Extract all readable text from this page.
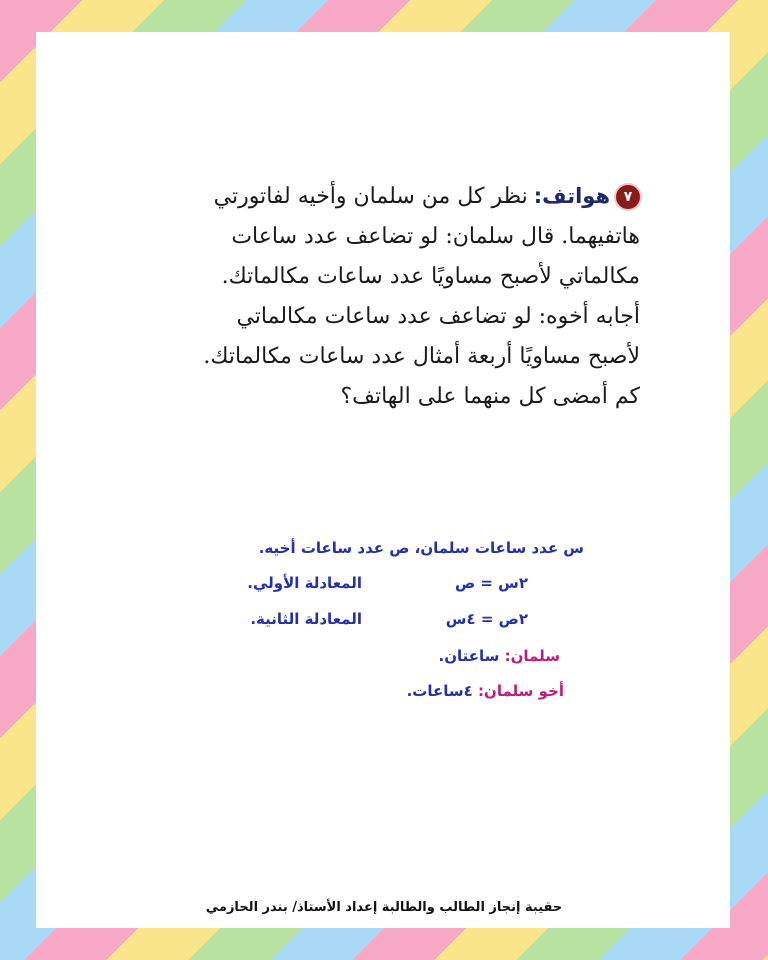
٧هواتف:نظر كل من سلمان وأخيه لفاتورتي

هاتفيهما. قال سلمان: لو تضاعف عدد ساعات

مكالماتي لأصبح مساويًا عدد ساعات مكالماتك.

أجابه أخوه: لو تضاعف عدد ساعات مكالماتي

لأصبح مساويًا أربعة أمثال عدد ساعات مكالماتك.

كم أمضى كل منهما على الهاتف؟

س عدد ساعات سلمان، ص عدد ساعات أخيه.
المعادلة الأولي.	٢س = ص
المعادلة الثانية.	٢ص = ٤س
سلمان: ساعتان.
أخو سلمان: ٤ساعات.
حقيبة إنجاز الطالب والطالبة إعداد الأستاذ/ بندر الحازمي
